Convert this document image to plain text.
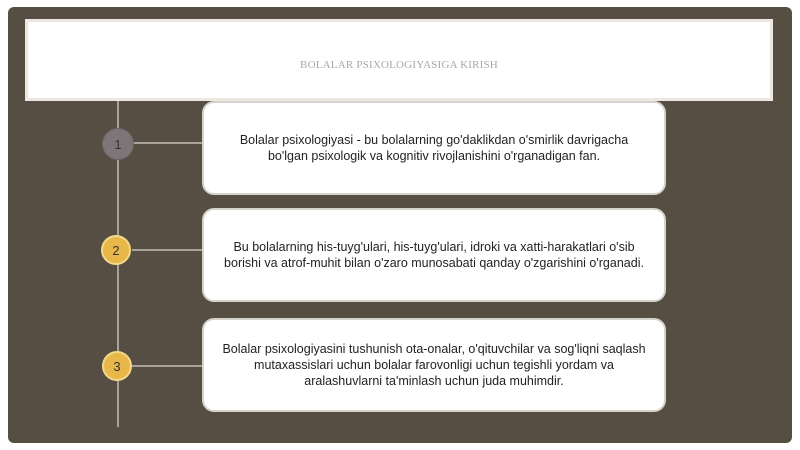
BOLALAR PSIXOLOGIYASIGA KIRISH
1	Bolalar psixologiyasi - bu bolalarning go'daklikdan o'smirlik davrigacha bo'lgan psixologik va kognitiv rivojlanishini o'rganadigan fan.
2	Bu bolalarning his-tuyg'ulari, his-tuyg'ulari, idroki va xatti-harakatlari o'sib borishi va atrof-muhit bilan o'zaro munosabati qanday o'zgarishini o'rganadi.
3
Bolalar psixologiyasini tushunish ota-onalar, o'qituvchilar va sog'liqni saqlash mutaxassislari uchun bolalar farovonligi uchun tegishli yordam va aralashuvlarni ta'minlash uchun juda muhimdir.
